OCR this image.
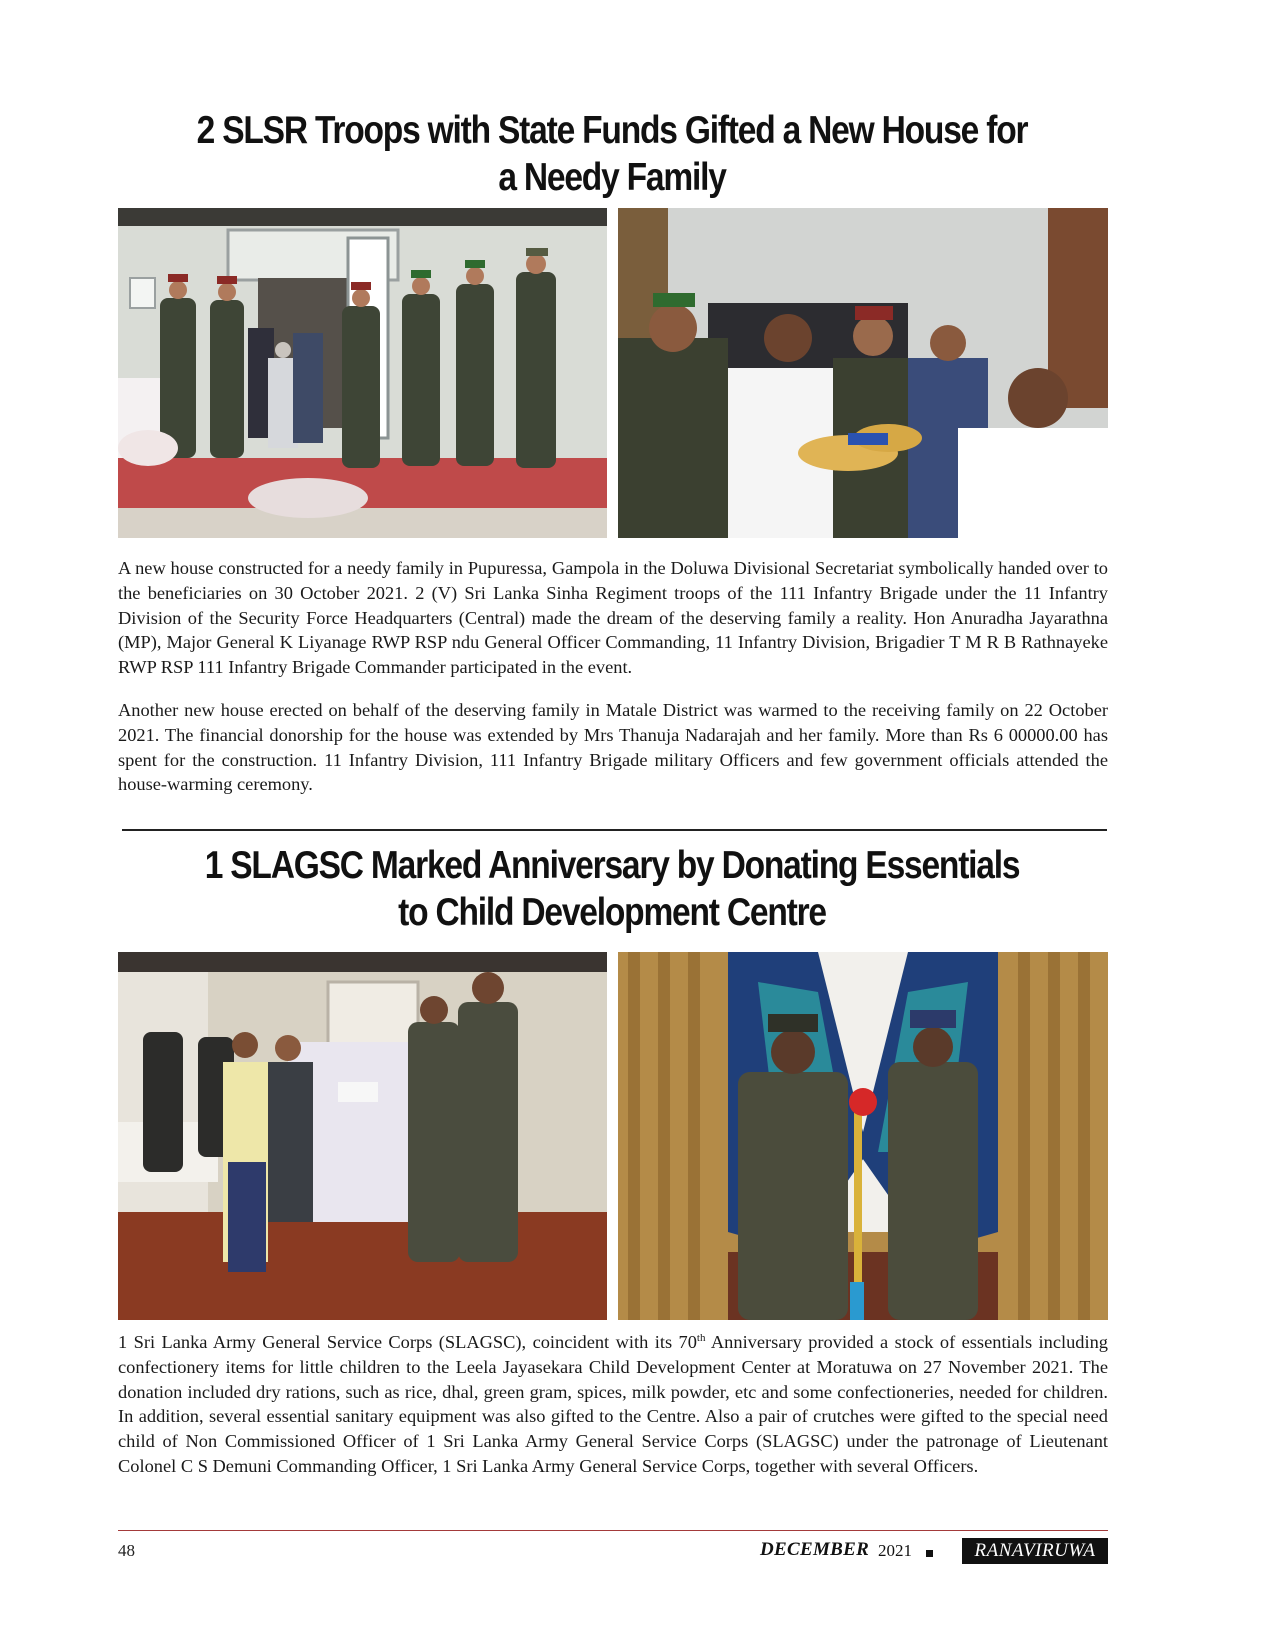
2 SLSR Troops with State Funds Gifted a New House for a Needy Family

A new house constructed for a needy family in Pupuressa, Gampola in the Doluwa Divisional Secretariat symbolically handed over to the beneficiaries on 30 October 2021. 2 (V) Sri Lanka Sinha Regiment troops of the 111 Infantry Brigade under the 11 Infantry Division of the Security Force Headquarters (Central) made the dream of the deserving family a reality. Hon Anuradha Jayarathna (MP), Major General K Liyanage RWP RSP ndu General Officer Commanding, 11 Infantry Division, Brigadier T M R B Rathnayeke RWP RSP 111 Infantry Brigade Commander participated in the event.

Another new house erected on behalf of the deserving family in Matale District was warmed to the receiving family on 22 October 2021. The financial donorship for the house was extended by Mrs Thanuja Nadarajah and her family. More than Rs 6 00000.00 has spent for the construction. 11 Infantry Division, 111 Infantry Brigade military Officers and few government officials attended the house-warming ceremony.

1 SLAGSC Marked Anniversary by Donating Essentials to Child Development Centre

1 Sri Lanka Army General Service Corps (SLAGSC), coincident with its 70th Anniversary provided a stock of essentials including confectionery items for little children to the Leela Jayasekara Child Development Center at Moratuwa on 27 November 2021. The donation included dry rations, such as rice, dhal, green gram, spices, milk powder, etc and some confectioneries, needed for children. In addition, several essential sanitary equipment was also gifted to the Centre. Also a pair of crutches were gifted to the special need child of Non Commissioned Officer of 1 Sri Lanka Army General Service Corps (SLAGSC) under the patronage of Lieutenant Colonel C S Demuni Commanding Officer, 1 Sri Lanka Army General Service Corps, together with several Officers.

48	DECEMBER 2021	RANAVIRUWA
